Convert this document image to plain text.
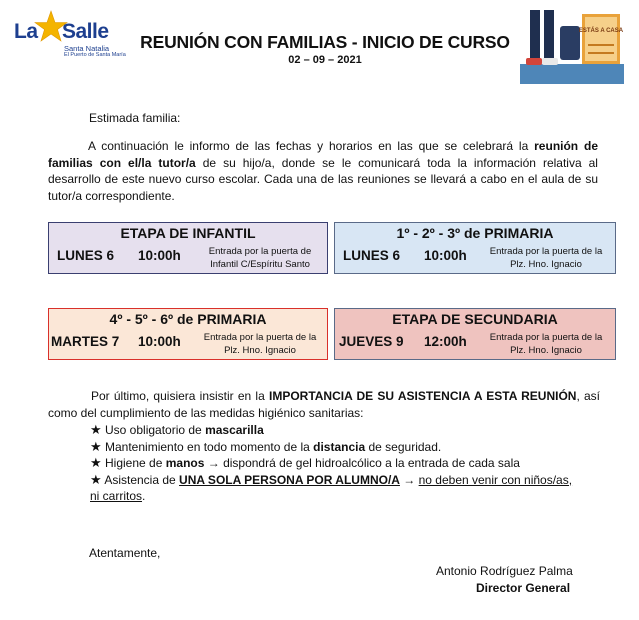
La Salle
Santa Natalia
El Puerto de Santa María
REUNIÓN CON FAMILIAS - INICIO DE CURSO
02 – 09 – 2021
ESTÁS A CASA
Estimada familia:
A continuación le informo de las fechas y horarios en las que se celebrará la reunión de familias con el/la tutor/a de su hijo/a, donde se le comunicará toda la información relativa al desarrollo de este nuevo curso escolar. Cada una de las reuniones se llevará a cabo en el aula de su tutor/a correspondiente.
ETAPA DE INFANTIL
LUNES 6 10:00h	Entrada por la puerta de
Infantil C/Espíritu Santo
1º - 2º - 3º de PRIMARIA
LUNES 6 10:00h	Entrada por la puerta de la
Plz. Hno. Ignacio
4º - 5º - 6º de PRIMARIA
MARTES 7 10:00h	Entrada por la puerta de la
Plz. Hno. Ignacio
ETAPA DE SECUNDARIA
JUEVES 9 12:00h	Entrada por la puerta de la
Plz. Hno. Ignacio
Por último, quisiera insistir en la IMPORTANCIA DE SU ASISTENCIA A ESTA REUNIÓN, así como del cumplimiento de las medidas higiénico sanitarias:
★ Uso obligatorio de mascarilla
★ Mantenimiento en todo momento de la distancia de seguridad.
★ Higiene de manos → dispondrá de gel hidroalcólico a la entrada de cada sala
★ Asistencia de UNA SOLA PERSONA POR ALUMNO/A → no deben venir con niños/as,
ni carritos.
Atentamente,
Antonio Rodríguez Palma
Director General
